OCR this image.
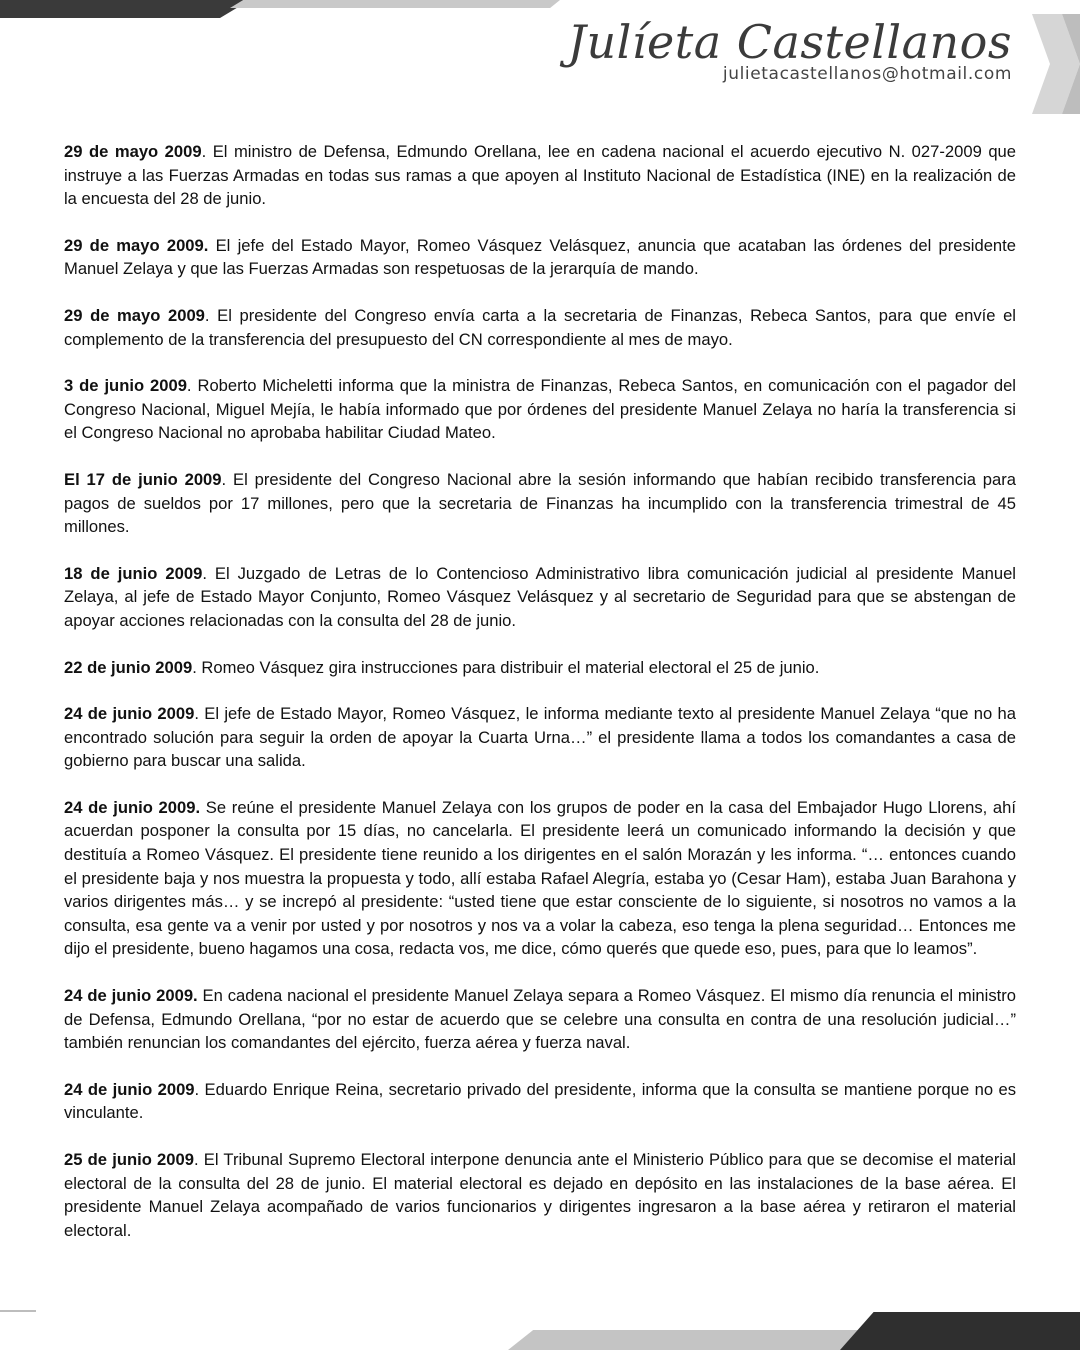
Julíeta Castellanos
julietacastellanos@hotmail.com

29 de mayo 2009. El ministro de Defensa, Edmundo Orellana, lee en cadena nacional el acuerdo ejecutivo N. 027-2009 que instruye a las Fuerzas Armadas en todas sus ramas a que apoyen al Instituto Nacional de Estadística (INE) en la realización de la encuesta del 28 de junio.

29 de mayo 2009. El jefe del Estado Mayor, Romeo Vásquez Velásquez, anuncia que acataban las órdenes del presidente Manuel Zelaya y que las Fuerzas Armadas son respetuosas de la jerarquía de mando.

29 de mayo 2009. El presidente del Congreso envía carta a la secretaria de Finanzas, Rebeca Santos, para que envíe el complemento de la transferencia del presupuesto del CN correspondiente al mes de mayo.

3 de junio 2009. Roberto Micheletti informa que la ministra de Finanzas, Rebeca Santos, en comunicación con el pagador del Congreso Nacional, Miguel Mejía, le había informado que por órdenes del presidente Manuel Zelaya no haría la transferencia si el Congreso Nacional no aprobaba habilitar Ciudad Mateo.

El 17 de junio 2009. El presidente del Congreso Nacional abre la sesión informando que habían recibido transferencia para pagos de sueldos por 17 millones, pero que la secretaria de Finanzas ha incumplido con la transferencia trimestral de 45 millones.

18 de junio 2009. El Juzgado de Letras de lo Contencioso Administrativo libra comunicación judicial al presidente Manuel Zelaya, al jefe de Estado Mayor Conjunto, Romeo Vásquez Velásquez y al secretario de Seguridad para que se abstengan de apoyar acciones relacionadas con la consulta del 28 de junio.

22 de junio 2009. Romeo Vásquez gira instrucciones para distribuir el material electoral el 25 de junio.

24 de junio 2009. El jefe de Estado Mayor, Romeo Vásquez, le informa mediante texto al presidente Manuel Zelaya “que no ha encontrado solución para seguir la orden de apoyar la Cuarta Urna…” el presidente llama a todos los comandantes a casa de gobierno para buscar una salida.

24 de junio 2009. Se reúne el presidente Manuel Zelaya con los grupos de poder en la casa del Embajador Hugo Llorens, ahí acuerdan posponer la consulta por 15 días, no cancelarla. El presidente leerá un comunicado informando la decisión y que destituía a Romeo Vásquez. El presidente tiene reunido a los dirigentes en el salón Morazán y les informa. “… entonces cuando el presidente baja y nos muestra la propuesta y todo, allí estaba Rafael Alegría, estaba yo (Cesar Ham), estaba Juan Barahona y varios dirigentes más… y se increpó al presidente: “usted tiene que estar consciente de lo siguiente, si nosotros no vamos a la consulta, esa gente va a venir por usted y por nosotros y nos va a volar la cabeza, eso tenga la plena seguridad… Entonces me dijo el presidente, bueno hagamos una cosa, redacta vos, me dice, cómo querés que quede eso, pues, para que lo leamos”.

24 de junio 2009. En cadena nacional el presidente Manuel Zelaya separa a Romeo Vásquez. El mismo día renuncia el ministro de Defensa, Edmundo Orellana, “por no estar de acuerdo que se celebre una consulta en contra de una resolución judicial…” también renuncian los comandantes del ejército, fuerza aérea y fuerza naval.

24 de junio 2009. Eduardo Enrique Reina, secretario privado del presidente, informa que la consulta se mantiene porque no es vinculante.

25 de junio 2009. El Tribunal Supremo Electoral interpone denuncia ante el Ministerio Público para que se decomise el material electoral de la consulta del 28 de junio. El material electoral es dejado en depósito en las instalaciones de la base aérea. El presidente Manuel Zelaya acompañado de varios funcionarios y dirigentes ingresaron a la base aérea y retiraron el material electoral.
